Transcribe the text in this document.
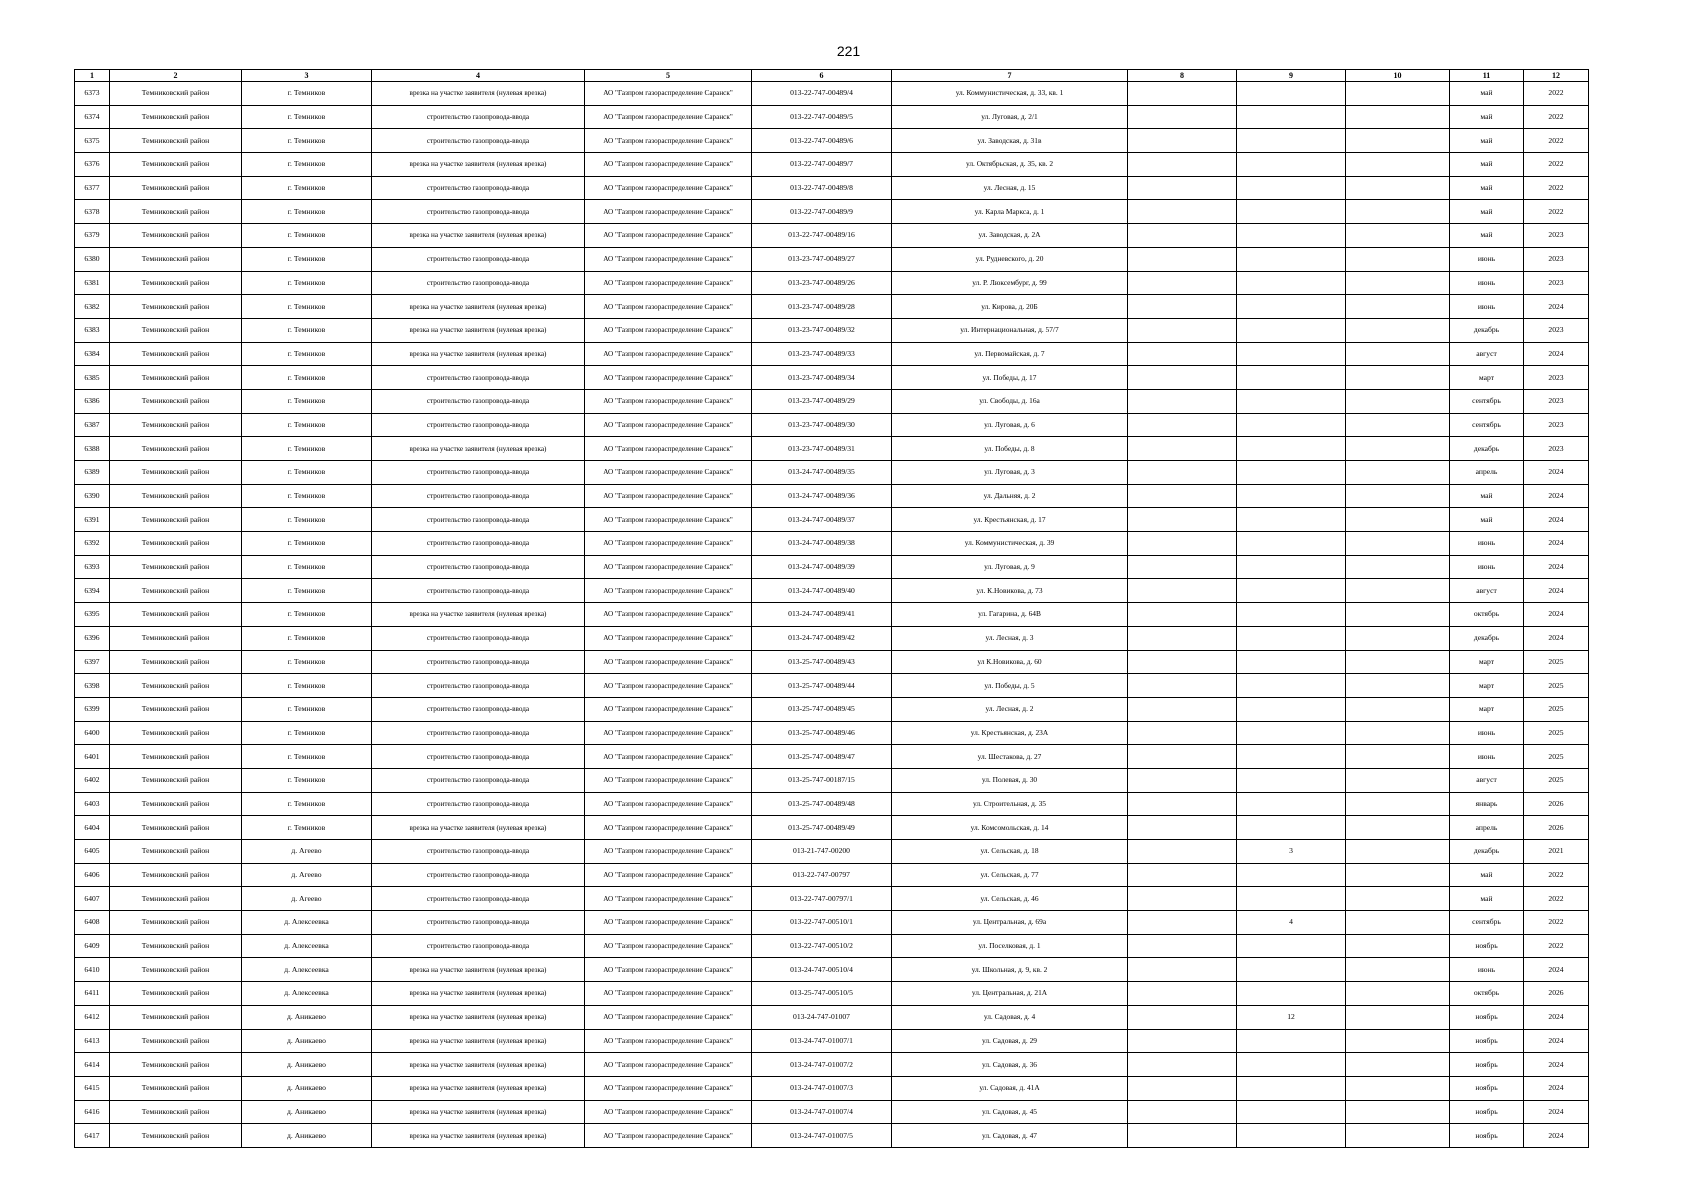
221
1	2	3	4	5	6	7	8	9	10	11	12
6373	Темниковский район	г. Темников	врезка на участке заявителя (нулевая врезка)	АО "Газпром газораспределение Саранск"	013-22-747-00489/4	ул. Коммунистическая, д. 33, кв. 1				май	2022
6374	Темниковский район	г. Темников	строительство газопровода-ввода	АО "Газпром газораспределение Саранск"	013-22-747-00489/5	ул. Луговая, д. 2/1				май	2022
6375	Темниковский район	г. Темников	строительство газопровода-ввода	АО "Газпром газораспределение Саранск"	013-22-747-00489/6	ул. Заводская, д. 31в				май	2022
6376	Темниковский район	г. Темников	врезка на участке заявителя (нулевая врезка)	АО "Газпром газораспределение Саранск"	013-22-747-00489/7	ул. Октябрьская, д. 35, кв. 2				май	2022
6377	Темниковский район	г. Темников	строительство газопровода-ввода	АО "Газпром газораспределение Саранск"	013-22-747-00489/8	ул. Лесная, д. 15				май	2022
6378	Темниковский район	г. Темников	строительство газопровода-ввода	АО "Газпром газораспределение Саранск"	013-22-747-00489/9	ул. Карла Маркса, д. 1				май	2022
6379	Темниковский район	г. Темников	врезка на участке заявителя (нулевая врезка)	АО "Газпром газораспределение Саранск"	013-22-747-00489/16	ул. Заводская, д. 2А				май	2023
6380	Темниковский район	г. Темников	строительство газопровода-ввода	АО "Газпром газораспределение Саранск"	013-23-747-00489/27	ул. Рудневского, д. 20				июнь	2023
6381	Темниковский район	г. Темников	строительство газопровода-ввода	АО "Газпром газораспределение Саранск"	013-23-747-00489/26	ул. Р. Люксембург, д. 99				июнь	2023
6382	Темниковский район	г. Темников	врезка на участке заявителя (нулевая врезка)	АО "Газпром газораспределение Саранск"	013-23-747-00489/28	ул. Кирова, д. 20Б				июнь	2024
6383	Темниковский район	г. Темников	врезка на участке заявителя (нулевая врезка)	АО "Газпром газораспределение Саранск"	013-23-747-00489/32	ул. Интернациональная, д. 57/7				декабрь	2023
6384	Темниковский район	г. Темников	врезка на участке заявителя (нулевая врезка)	АО "Газпром газораспределение Саранск"	013-23-747-00489/33	ул. Первомайская, д. 7				август	2024
6385	Темниковский район	г. Темников	строительство газопровода-ввода	АО "Газпром газораспределение Саранск"	013-23-747-00489/34	ул. Победы, д. 17				март	2023
6386	Темниковский район	г. Темников	строительство газопровода-ввода	АО "Газпром газораспределение Саранск"	013-23-747-00489/29	ул. Свободы, д. 16а				сентябрь	2023
6387	Темниковский район	г. Темников	строительство газопровода-ввода	АО "Газпром газораспределение Саранск"	013-23-747-00489/30	ул. Луговая, д. 6				сентябрь	2023
6388	Темниковский район	г. Темников	врезка на участке заявителя (нулевая врезка)	АО "Газпром газораспределение Саранск"	013-23-747-00489/31	ул. Победы, д. 8				декабрь	2023
6389	Темниковский район	г. Темников	строительство газопровода-ввода	АО "Газпром газораспределение Саранск"	013-24-747-00489/35	ул. Луговая, д. 3				апрель	2024
6390	Темниковский район	г. Темников	строительство газопровода-ввода	АО "Газпром газораспределение Саранск"	013-24-747-00489/36	ул. Дальняя, д. 2				май	2024
6391	Темниковский район	г. Темников	строительство газопровода-ввода	АО "Газпром газораспределение Саранск"	013-24-747-00489/37	ул. Крестьянская, д. 17				май	2024
6392	Темниковский район	г. Темников	строительство газопровода-ввода	АО "Газпром газораспределение Саранск"	013-24-747-00489/38	ул. Коммунистическая, д. 39				июнь	2024
6393	Темниковский район	г. Темников	строительство газопровода-ввода	АО "Газпром газораспределение Саранск"	013-24-747-00489/39	ул. Луговая, д. 9				июнь	2024
6394	Темниковский район	г. Темников	строительство газопровода-ввода	АО "Газпром газораспределение Саранск"	013-24-747-00489/40	ул. К.Новикова, д. 73				август	2024
6395	Темниковский район	г. Темников	врезка на участке заявителя (нулевая врезка)	АО "Газпром газораспределение Саранск"	013-24-747-00489/41	ул. Гагарина, д. 64В				октябрь	2024
6396	Темниковский район	г. Темников	строительство газопровода-ввода	АО "Газпром газораспределение Саранск"	013-24-747-00489/42	ул. Лесная, д. 3				декабрь	2024
6397	Темниковский район	г. Темников	строительство газопровода-ввода	АО "Газпром газораспределение Саранск"	013-25-747-00489/43	ул К.Новикова, д. 60				март	2025
6398	Темниковский район	г. Темников	строительство газопровода-ввода	АО "Газпром газораспределение Саранск"	013-25-747-00489/44	ул. Победы, д. 5				март	2025
6399	Темниковский район	г. Темников	строительство газопровода-ввода	АО "Газпром газораспределение Саранск"	013-25-747-00489/45	ул. Лесная, д. 2				март	2025
6400	Темниковский район	г. Темников	строительство газопровода-ввода	АО "Газпром газораспределение Саранск"	013-25-747-00489/46	ул. Крестьянская, д. 23А				июнь	2025
6401	Темниковский район	г. Темников	строительство газопровода-ввода	АО "Газпром газораспределение Саранск"	013-25-747-00489/47	ул. Шестакова, д. 27				июнь	2025
6402	Темниковский район	г. Темников	строительство газопровода-ввода	АО "Газпром газораспределение Саранск"	013-25-747-00187/15	ул. Полевая, д. 30				август	2025
6403	Темниковский район	г. Темников	строительство газопровода-ввода	АО "Газпром газораспределение Саранск"	013-25-747-00489/48	ул. Строительная, д. 35				январь	2026
6404	Темниковский район	г. Темников	врезка на участке заявителя (нулевая врезка)	АО "Газпром газораспределение Саранск"	013-25-747-00489/49	ул. Комсомольская, д. 14				апрель	2026
6405	Темниковский район	д. Агеево	строительство газопровода-ввода	АО "Газпром газораспределение Саранск"	013-21-747-00200	ул. Сельская, д. 18		3		декабрь	2021
6406	Темниковский район	д. Агеево	строительство газопровода-ввода	АО "Газпром газораспределение Саранск"	013-22-747-00797	ул. Сельская, д. 77				май	2022
6407	Темниковский район	д. Агеево	строительство газопровода-ввода	АО "Газпром газораспределение Саранск"	013-22-747-00797/1	ул. Сельская, д. 46				май	2022
6408	Темниковский район	д. Алексеевка	строительство газопровода-ввода	АО "Газпром газораспределение Саранск"	013-22-747-00510/1	ул. Центральная, д. 69а		4		сентябрь	2022
6409	Темниковский район	д. Алексеевка	строительство газопровода-ввода	АО "Газпром газораспределение Саранск"	013-22-747-00510/2	ул. Поселковая, д. 1				ноябрь	2022
6410	Темниковский район	д. Алексеевка	врезка на участке заявителя (нулевая врезка)	АО "Газпром газораспределение Саранск"	013-24-747-00510/4	ул. Школьная, д. 9, кв. 2				июнь	2024
6411	Темниковский район	д. Алексеевка	врезка на участке заявителя (нулевая врезка)	АО "Газпром газораспределение Саранск"	013-25-747-00510/5	ул. Центральная, д. 21А				октябрь	2026
6412	Темниковский район	д. Аникаево	врезка на участке заявителя (нулевая врезка)	АО "Газпром газораспределение Саранск"	013-24-747-01007	ул. Садовая, д. 4		12		ноябрь	2024
6413	Темниковский район	д. Аникаево	врезка на участке заявителя (нулевая врезка)	АО "Газпром газораспределение Саранск"	013-24-747-01007/1	ул. Садовая, д. 29				ноябрь	2024
6414	Темниковский район	д. Аникаево	врезка на участке заявителя (нулевая врезка)	АО "Газпром газораспределение Саранск"	013-24-747-01007/2	ул. Садовая, д. 36				ноябрь	2024
6415	Темниковский район	д. Аникаево	врезка на участке заявителя (нулевая врезка)	АО "Газпром газораспределение Саранск"	013-24-747-01007/3	ул. Садовая, д. 41А				ноябрь	2024
6416	Темниковский район	д. Аникаево	врезка на участке заявителя (нулевая врезка)	АО "Газпром газораспределение Саранск"	013-24-747-01007/4	ул. Садовая, д. 45				ноябрь	2024
6417	Темниковский район	д. Аникаево	врезка на участке заявителя (нулевая врезка)	АО "Газпром газораспределение Саранск"	013-24-747-01007/5	ул. Садовая, д. 47				ноябрь	2024
